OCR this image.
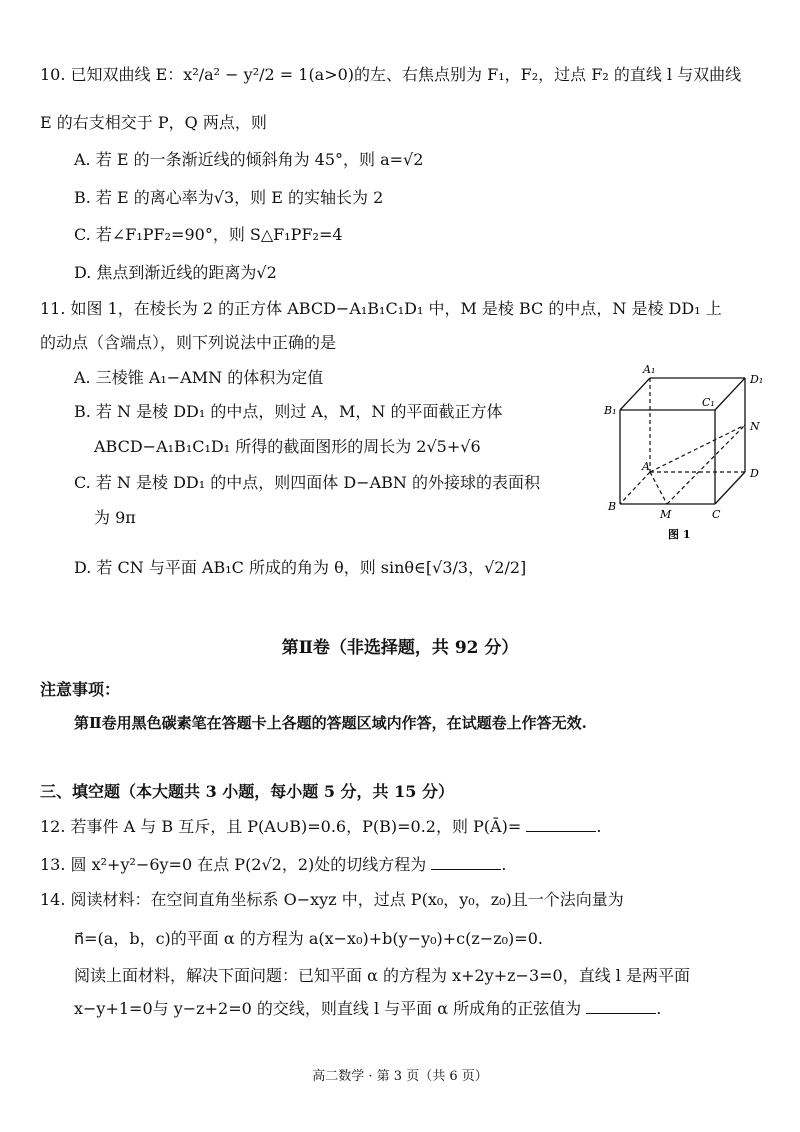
10. 已知双曲线 E：x²/a² − y²/2 = 1(a>0)的左、右焦点别为 F₁，F₂，过点 F₂ 的直线 l 与双曲线
E 的右支相交于 P，Q 两点，则
A. 若 E 的一条渐近线的倾斜角为 45°，则 a=√2
B. 若 E 的离心率为√3，则 E 的实轴长为 2
C. 若∠F₁PF₂=90°，则 S△F₁PF₂=4
D. 焦点到渐近线的距离为√2
11. 如图 1，在棱长为 2 的正方体 ABCD−A₁B₁C₁D₁ 中，M 是棱 BC 的中点，N 是棱 DD₁ 上
的动点（含端点），则下列说法中正确的是
A. 三棱锥 A₁−AMN 的体积为定值
B. 若 N 是棱 DD₁ 的中点，则过 A，M，N 的平面截正方体
ABCD−A₁B₁C₁D₁ 所得的截面图形的周长为 2√5+√6
C. 若 N 是棱 DD₁ 的中点，则四面体 D−ABN 的外接球的表面积
为 9π
D. 若 CN 与平面 AB₁C 所成的角为 θ，则 sinθ∈[√3/3，√2/2]
A₁
D₁
B₁
C₁
N
A
D
B
M	C
图 1
第Ⅱ卷（非选择题，共 92 分）
注意事项：
第Ⅱ卷用黑色碳素笔在答题卡上各题的答题区域内作答，在试题卷上作答无效.
三、填空题（本大题共 3 小题，每小题 5 分，共 15 分）
12. 若事件 A 与 B 互斥，且 P(A∪B)=0.6，P(B)=0.2，则 P(Ā)=	.
13. 圆 x²+y²−6y=0 在点 P(2√2，2)处的切线方程为	.
14. 阅读材料：在空间直角坐标系 O−xyz 中，过点 P(x₀，y₀，z₀)且一个法向量为
n⃗=(a，b，c)的平面 α 的方程为 a(x−x₀)+b(y−y₀)+c(z−z₀)=0.
阅读上面材料，解决下面问题：已知平面 α 的方程为 x+2y+z−3=0，直线 l 是两平面
x−y+1=0与 y−z+2=0 的交线，则直线 l 与平面 α 所成角的正弦值为	.
高二数学 · 第 3 页（共 6 页）
